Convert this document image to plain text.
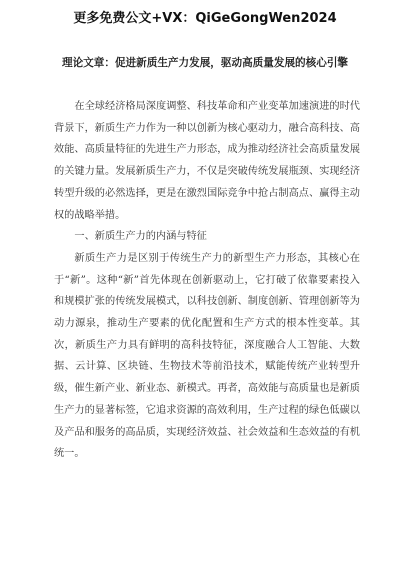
更多免费公文+VX：QiGeGongWen2024
理论文章：促进新质生产力发展，驱动高质量发展的核心引擎

在全球经济格局深度调整、科技革命和产业变革加速演进的时代背景下，新质生产力作为一种以创新为核心驱动力，融合高科技、高效能、高质量特征的先进生产力形态，成为推动经济社会高质量发展的关键力量。发展新质生产力，不仅是突破传统发展瓶颈、实现经济转型升级的必然选择，更是在激烈国际竞争中抢占制高点、赢得主动权的战略举措。

一、新质生产力的内涵与特征

新质生产力是区别于传统生产力的新型生产力形态，其核心在于“新”。这种“新”首先体现在创新驱动上，它打破了依靠要素投入和规模扩张的传统发展模式，以科技创新、制度创新、管理创新等为动力源泉，推动生产要素的优化配置和生产方式的根本性变革。其次，新质生产力具有鲜明的高科技特征，深度融合人工智能、大数据、云计算、区块链、生物技术等前沿技术，赋能传统产业转型升级，催生新产业、新业态、新模式。再者，高效能与高质量也是新质生产力的显著标签，它追求资源的高效利用，生产过程的绿色低碳以及产品和服务的高品质，实现经济效益、社会效益和生态效益的有机统一。
